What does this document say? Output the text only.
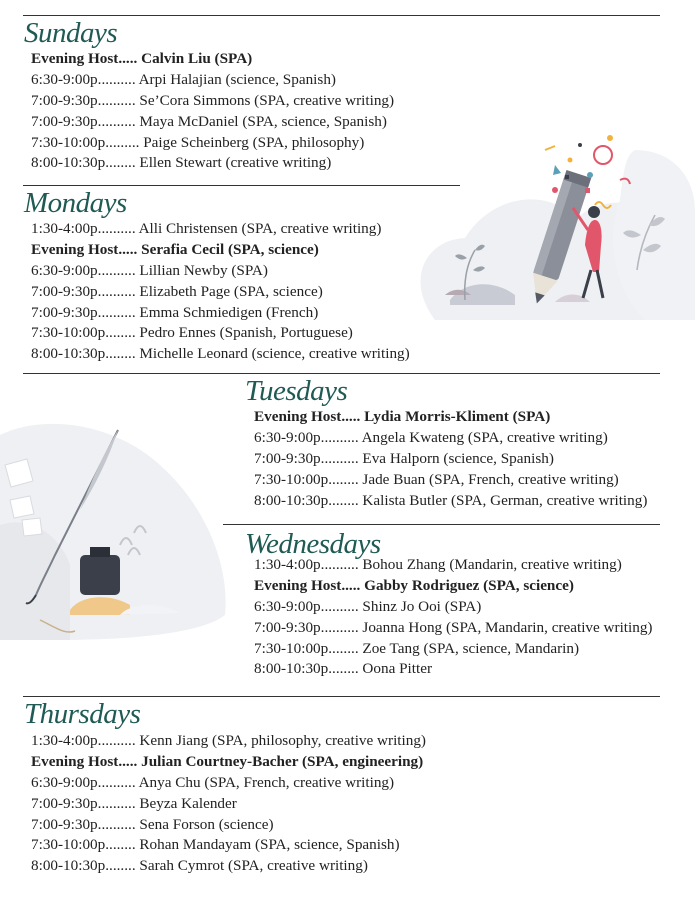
Sundays
Evening Host..... Calvin Liu (SPA)
6:30-9:00p.......... Arpi Halajian (science, Spanish)
7:00-9:30p.......... Se’Cora Simmons (SPA, creative writing)
7:00-9:30p.......... Maya McDaniel (SPA, science, Spanish)
7:30-10:00p......... Paige Scheinberg (SPA, philosophy)
8:00-10:30p........ Ellen Stewart (creative writing)
Mondays
1:30-4:00p.......... Alli Christensen (SPA, creative writing)
Evening Host..... Serafia Cecil (SPA, science)
6:30-9:00p.......... Lillian Newby (SPA)
7:00-9:30p.......... Elizabeth Page (SPA, science)
7:00-9:30p.......... Emma Schmiedigen (French)
7:30-10:00p........ Pedro Ennes (Spanish, Portuguese)
8:00-10:30p........ Michelle Leonard (science, creative writing)
Tuesdays
Evening Host..... Lydia Morris-Kliment (SPA)
6:30-9:00p.......... Angela Kwateng (SPA, creative writing)
7:00-9:30p.......... Eva Halporn (science, Spanish)
7:30-10:00p........ Jade Buan (SPA, French, creative writing)
8:00-10:30p........ Kalista Butler (SPA, German, creative writing)
Wednesdays
1:30-4:00p.......... Bohou Zhang (Mandarin, creative writing)
Evening Host..... Gabby Rodriguez (SPA, science)
6:30-9:00p.......... Shinz Jo Ooi (SPA)
7:00-9:30p.......... Joanna Hong (SPA, Mandarin, creative writing)
7:30-10:00p........ Zoe Tang (SPA, science, Mandarin)
8:00-10:30p........ Oona Pitter
Thursdays
1:30-4:00p.......... Kenn Jiang (SPA, philosophy, creative writing)
Evening Host..... Julian Courtney-Bacher (SPA, engineering)
6:30-9:00p.......... Anya Chu (SPA, French, creative writing)
7:00-9:30p.......... Beyza Kalender
7:00-9:30p.......... Sena Forson (science)
7:30-10:00p........ Rohan Mandayam (SPA, science, Spanish)
8:00-10:30p........ Sarah Cymrot (SPA, creative writing)
